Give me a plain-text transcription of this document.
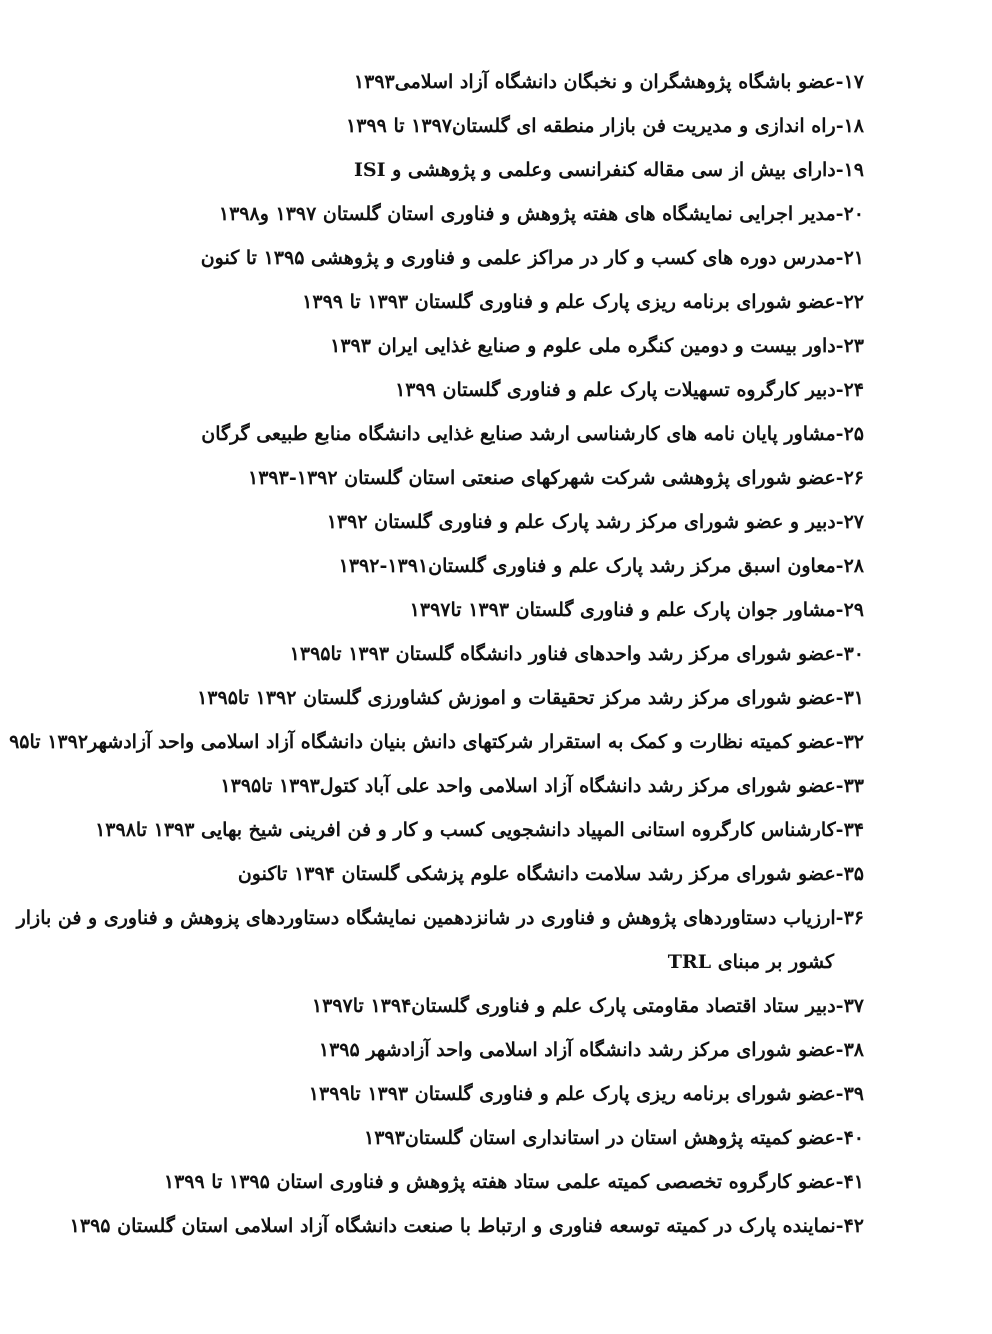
۱۷-عضو باشگاه پژوهشگران و نخبگان دانشگاه آزاد اسلامی۱۳۹۳
۱۸-راه اندازی و مدیریت فن بازار منطقه ای گلستان۱۳۹۷ تا ۱۳۹۹
۱۹-دارای بیش از سی مقاله کنفرانسی وعلمی و پژوهشی و ISI
۲۰-مدیر اجرایی نمایشگاه های هفته پژوهش و فناوری استان گلستان ۱۳۹۷ و۱۳۹۸
۲۱-مدرس دوره های کسب و کار در مراکز علمی و فناوری و پژوهشی ۱۳۹۵ تا کنون
۲۲-عضو شورای برنامه ریزی پارک علم و فناوری گلستان ۱۳۹۳ تا ۱۳۹۹
۲۳-داور بیست و دومین کنگره ملی علوم و صنایع غذایی ایران ۱۳۹۳
۲۴-دبیر کارگروه تسهیلات پارک علم و فناوری گلستان ۱۳۹۹
۲۵-مشاور پایان نامه های کارشناسی ارشد صنایع غذایی دانشگاه منابع طبیعی گرگان
۲۶-عضو شورای پژوهشی شرکت شهرکهای صنعتی استان گلستان ۱۳۹۲-۱۳۹۳
۲۷-دبیر و عضو شورای مرکز رشد پارک علم و فناوری گلستان ۱۳۹۲
۲۸-معاون اسبق مرکز رشد پارک علم و فناوری گلستان۱۳۹۱-۱۳۹۲
۲۹-مشاور جوان پارک علم و فناوری گلستان ۱۳۹۳ تا۱۳۹۷
۳۰-عضو شورای مرکز رشد واحدهای فناور دانشگاه گلستان ۱۳۹۳ تا۱۳۹۵
۳۱-عضو شورای مرکز رشد مرکز تحقیقات و اموزش کشاورزی گلستان ۱۳۹۲ تا۱۳۹۵
۳۲-عضو کمیته نظارت و کمک به استقرار شرکتهای دانش بنیان دانشگاه آزاد اسلامی واحد آزادشهر۱۳۹۲ تا۹۵
۳۳-عضو شورای مرکز رشد دانشگاه آزاد اسلامی واحد علی آباد کتول۱۳۹۳ تا۱۳۹۵
۳۴-کارشناس کارگروه استانی المپیاد دانشجویی کسب و کار و فن افرینی شیخ بهایی ۱۳۹۳ تا۱۳۹۸
۳۵-عضو شورای مرکز رشد سلامت دانشگاه علوم پزشکی گلستان ۱۳۹۴ تاکنون
۳۶-ارزیاب دستاوردهای پژوهش و فناوری در شانزدهمین نمایشگاه دستاوردهای پزوهش و فناوری و فن بازار
کشور بر مبنای TRL
۳۷-دبیر ستاد اقتصاد مقاومتی پارک علم و فناوری گلستان۱۳۹۴ تا۱۳۹۷
۳۸-عضو شورای مرکز رشد دانشگاه آزاد اسلامی واحد آزادشهر ۱۳۹۵
۳۹-عضو شورای برنامه ریزی پارک علم و فناوری گلستان ۱۳۹۳ تا۱۳۹۹
۴۰-عضو کمیته پژوهش استان در استانداری استان گلستان۱۳۹۳
۴۱-عضو کارگروه تخصصی کمیته علمی ستاد هفته پژوهش و فناوری استان ۱۳۹۵ تا ۱۳۹۹
۴۲-نماینده پارک در کمیته توسعه فناوری و ارتباط با صنعت دانشگاه آزاد اسلامی استان گلستان ۱۳۹۵
